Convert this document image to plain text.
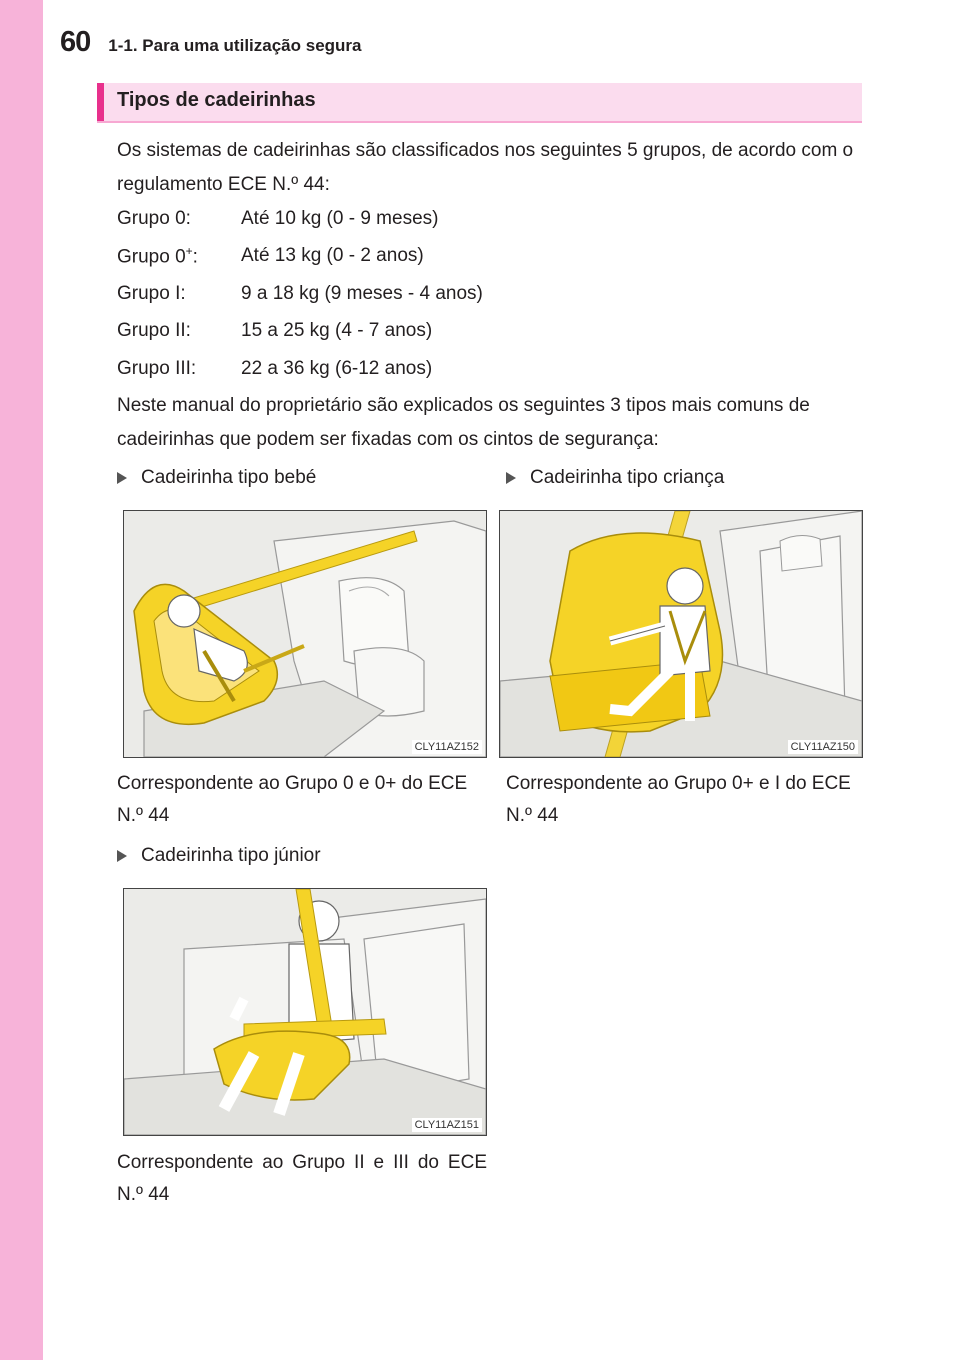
60 1-1. Para uma utilização segura
Tipos de cadeirinhas
Os sistemas de cadeirinhas são classificados nos seguintes 5 grupos, de acordo com o regulamento ECE N.º 44:
Grupo 0:	Até 10 kg (0 - 9 meses)
Grupo 0+:	Até 13 kg (0 - 2 anos)
Grupo I:	9 a 18 kg (9 meses - 4 anos)
Grupo II:	15 a 25 kg (4 - 7 anos)
Grupo III:	22 a 36 kg (6-12 anos)
Neste manual do proprietário são explicados os seguintes 3 tipos mais comuns de cadeirinhas que podem ser fixadas com os cintos de segurança:
Cadeirinha tipo bebé
CLY11AZ152
Correspondente ao Grupo 0 e 0+ do ECE N.º 44
Cadeirinha tipo criança
CLY11AZ150
Correspondente ao Grupo 0+ e I do ECE N.º 44
Cadeirinha tipo júnior
CLY11AZ151
Correspondente ao Grupo II e III do ECE N.º 44
